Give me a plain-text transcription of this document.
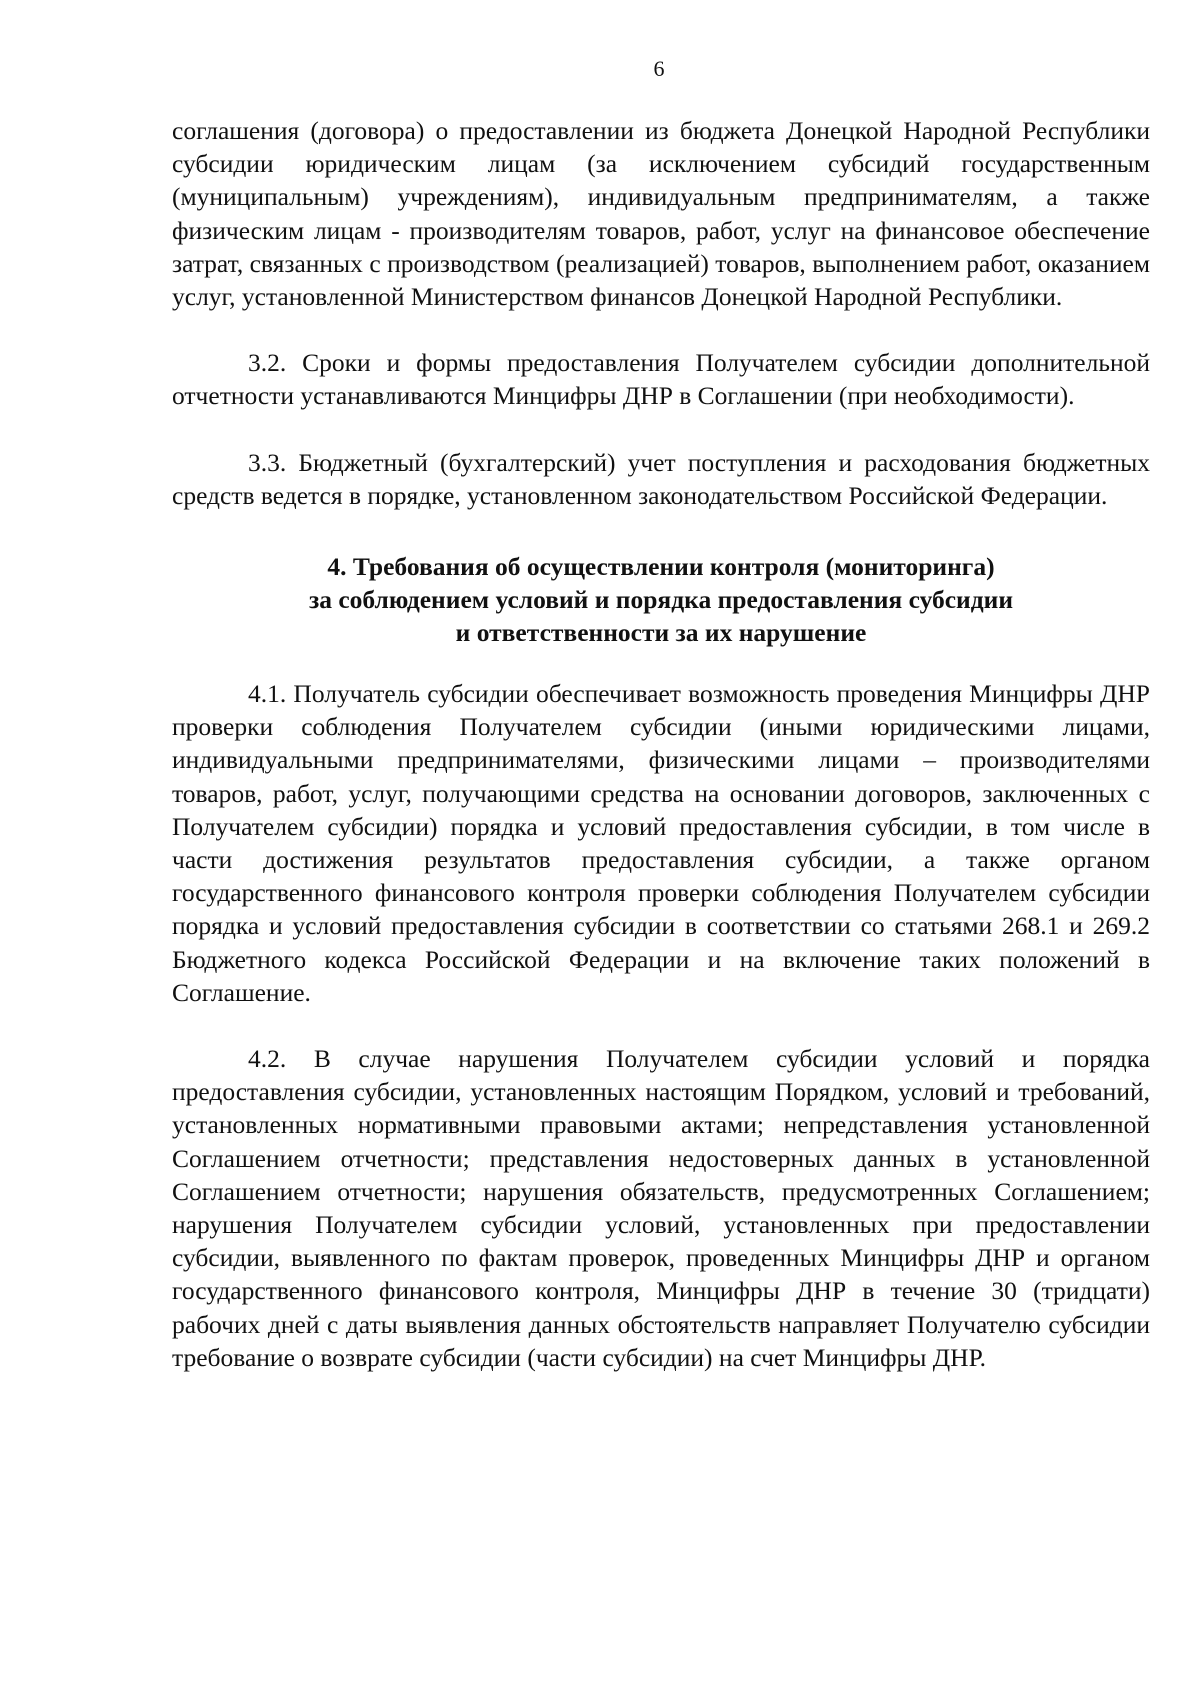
6

соглашения (договора) о предоставлении из бюджета Донецкой Народной Республики субсидии юридическим лицам (за исключением субсидий государственным (муниципальным) учреждениям), индивидуальным предпринимателям, а также физическим лицам - производителям товаров, работ, услуг на финансовое обеспечение затрат, связанных с производством (реализацией) товаров, выполнением работ, оказанием услуг, установленной Министерством финансов Донецкой Народной Республики.

3.2. Сроки и формы предоставления Получателем субсидии дополнительной отчетности устанавливаются Минцифры ДНР в Соглашении (при необходимости).

3.3. Бюджетный (бухгалтерский) учет поступления и расходования бюджетных средств ведется в порядке, установленном законодательством Российской Федерации.

4. Требования об осуществлении контроля (мониторинга)
за соблюдением условий и порядка предоставления субсидии
и ответственности за их нарушение

4.1. Получатель субсидии обеспечивает возможность проведения Минцифры ДНР проверки соблюдения Получателем субсидии (иными юридическими лицами, индивидуальными предпринимателями, физическими лицами – производителями товаров, работ, услуг, получающими средства на основании договоров, заключенных с Получателем субсидии) порядка и условий предоставления субсидии, в том числе в части достижения результатов предоставления субсидии, а также органом государственного финансового контроля проверки соблюдения Получателем субсидии порядка и условий предоставления субсидии в соответствии со статьями 268.1 и 269.2 Бюджетного кодекса Российской Федерации и на включение таких положений в Соглашение.

4.2. В случае нарушения Получателем субсидии условий и порядка предоставления субсидии, установленных настоящим Порядком, условий и требований, установленных нормативными правовыми актами; непредставления установленной Соглашением отчетности; представления недостоверных данных в установленной Соглашением отчетности; нарушения обязательств, предусмотренных Соглашением; нарушения Получателем субсидии условий, установленных при предоставлении субсидии, выявленного по фактам проверок, проведенных Минцифры ДНР и органом государственного финансового контроля, Минцифры ДНР в течение 30 (тридцати) рабочих дней с даты выявления данных обстоятельств направляет Получателю субсидии требование о возврате субсидии (части субсидии) на счет Минцифры ДНР.
